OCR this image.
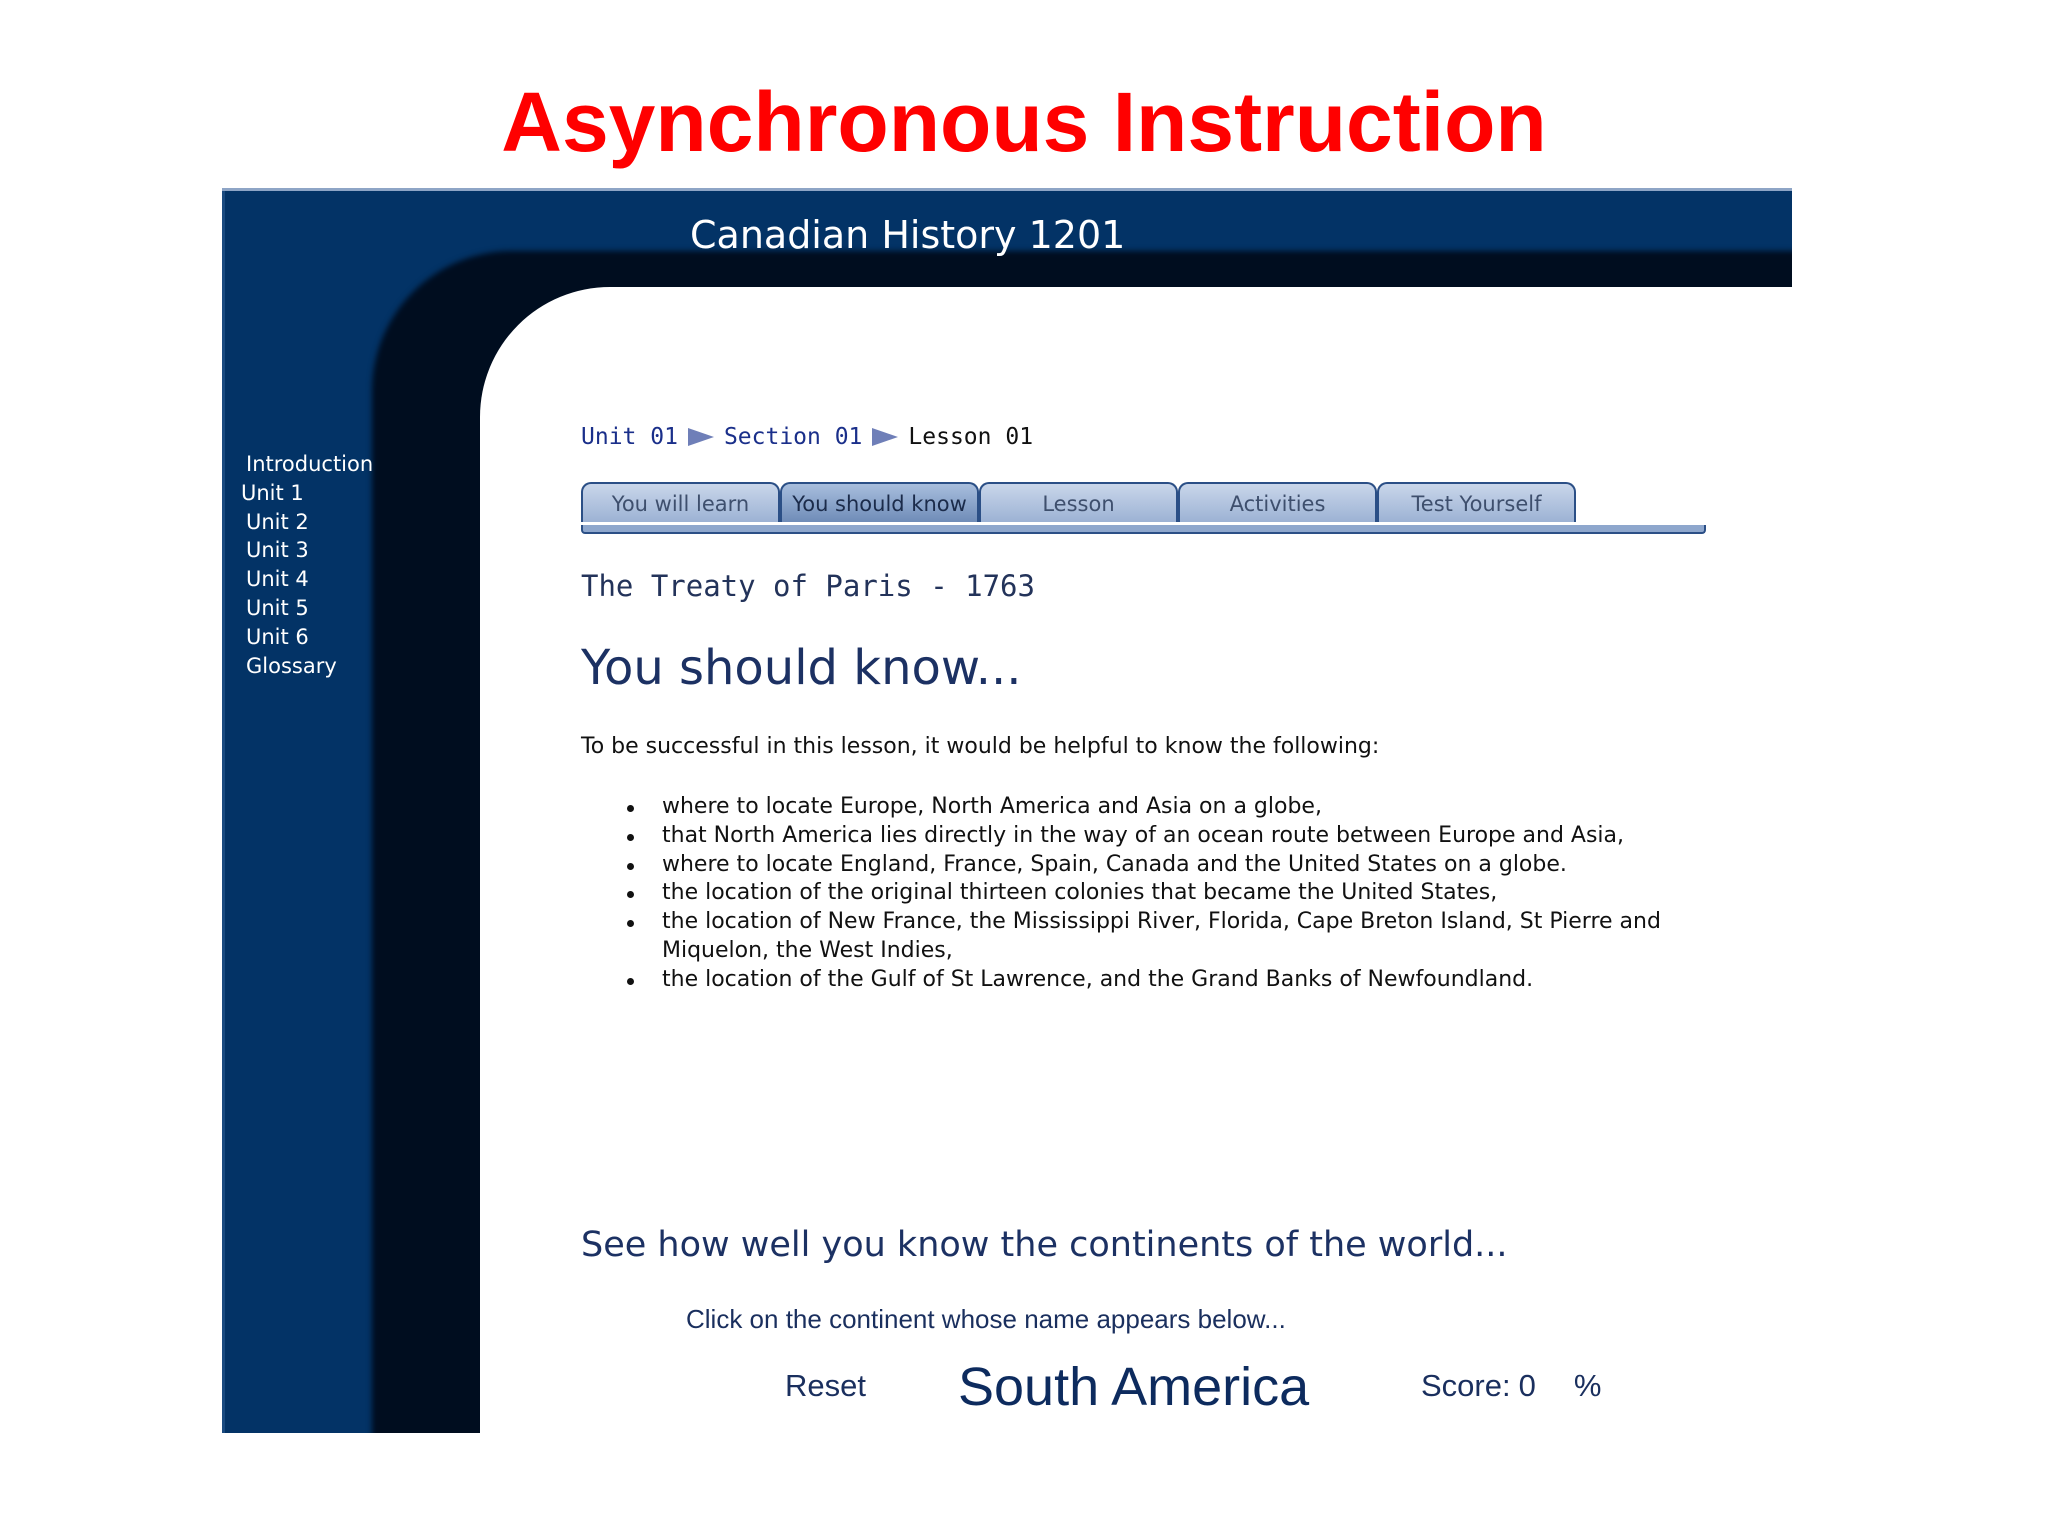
Asynchronous Instruction
Canadian History 1201
Introduction
Unit 1
Unit 2
Unit 3
Unit 4
Unit 5
Unit 6
Glossary
Unit 01 Section 01 Lesson 01
You will learn	You should know	Lesson	Activities	Test Yourself
The Treaty of Paris - 1763
You should know...
To be successful in this lesson, it would be helpful to know the following:
where to locate Europe, North America and Asia on a globe,
that North America lies directly in the way of an ocean route between Europe and Asia,
where to locate England, France, Spain, Canada and the United States on a globe.
the location of the original thirteen colonies that became the United States,
the location of New France, the Mississippi River, Florida, Cape Breton Island, St Pierre and Miquelon, the West Indies,
the location of the Gulf of St Lawrence, and the Grand Banks of Newfoundland.
See how well you know the continents of the world...
Click on the continent whose name appears below...
Reset South America	Score: 0 %
